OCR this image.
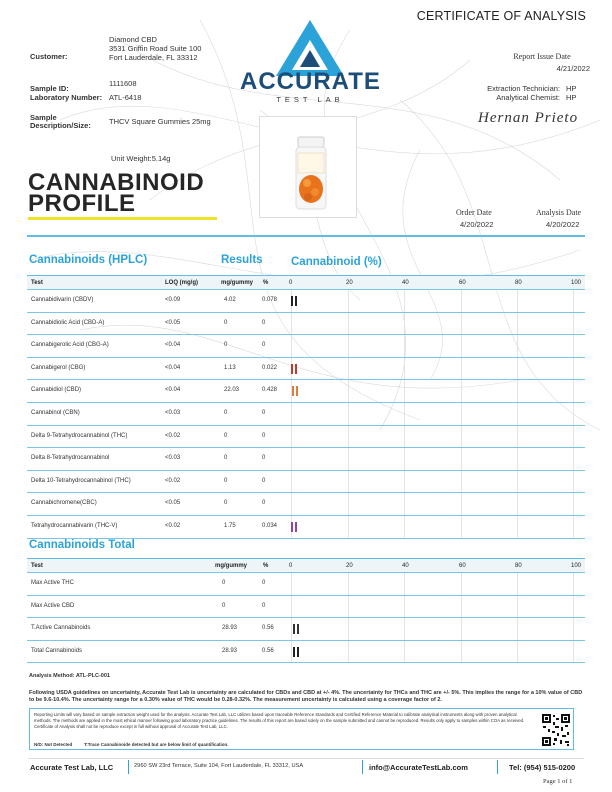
CERTIFICATE OF ANALYSIS
Customer:
Diamond CBD
3531 Griffin Road Suite 100
Fort Lauderdale, FL 33312
Sample ID:
1111608
Laboratory Number: ATL-6418
Sample
Description/Size: THCV Square Gummies 25mg
Unit Weight:5.14g
ACCURATE
TEST LAB
Report Issue Date
4/21/2022
Extraction Technician: HP
Analytical Chemist: HP
Hernan Prieto
Order Date
4/20/2022
Analysis Date
4/20/2022
CANNABINOID
PROFILE
Cannabinoids (HPLC)	Results Cannabinoid (%)
Test	LOQ (mg/g)	mg/gummy %	0	20	40	60	80	100
Cannabidivarin (CBDV)	<0.09	4.02	0.078
Cannabidiolic Acid (CBD-A)	<0.05	0	0
Cannabigerolic Acid (CBG-A)	<0.04	0	0
Cannabigerol (CBG)	<0.04	1.13	0.022
Cannabidiol (CBD)	<0.04	22.03	0.428
Cannabinol (CBN)	<0.03	0	0
Delta 9-Tetrahydrocannabinol (THC)	<0.02	0	0
Delta 8-Tetrahydrocannabinol	<0.03	0	0
Delta 10-Tetrahydrocannabinol (THC)	<0.02	0	0
Cannabichromene(CBC)	<0.05	0	0
Tetrahydrocannabivarin (THC-V)	<0.02	1.75	0.034
Cannabinoids Total
Test	mg/gummy	%	0	20	40	60	80	100
Max Active THC	0	0
Max Active CBD	0	0
T.Active Cannabinoids	28.93	0.56
Total Cannabinoids	28.93	0.56
Analysis Method: ATL-PLC-001
Following USDA guidelines on uncertainty, Accurate Test Lab is uncertainty are calculated for CBDs and CBD at +/- 4%. The uncertainty for THCs and THC are +/- 5%. This implies the range for a 10% value of CBD to be 9.6-10.4%. The uncertainty range for a 0.30% value of THC would be 0.28-0.32%. The measurement uncertainty is calculated using a coverage factor of 2.
Reporting Limits will vary based on sample extraction weight used for the analysis. Accurate Test Lab, LLC utilizes based upon traceable Reference Standards and Certified Reference Material to calibrate analytical instruments along with proven analytical methods. The methods are applied in the most ethical manner following good laboratory practice guidelines. The results of this report are based solely on the sample submitted and cannot be reproduced. Results only apply to samples within COA as received. Certificate of Analysis shall not be reproduce except in full without approval of Accurate Test Lab, LLC.
N/D: Not Detected	T:Trace Cannabinoide detected but are below limit of quantification.
Accurate Test Lab, LLC	2960 SW 23rd Terrace, Suite 104, Fort Lauderdale, FL 33312, USA	info@AccurateTestLab.com	Tel: (954) 515-0200
Page 1 of 1
